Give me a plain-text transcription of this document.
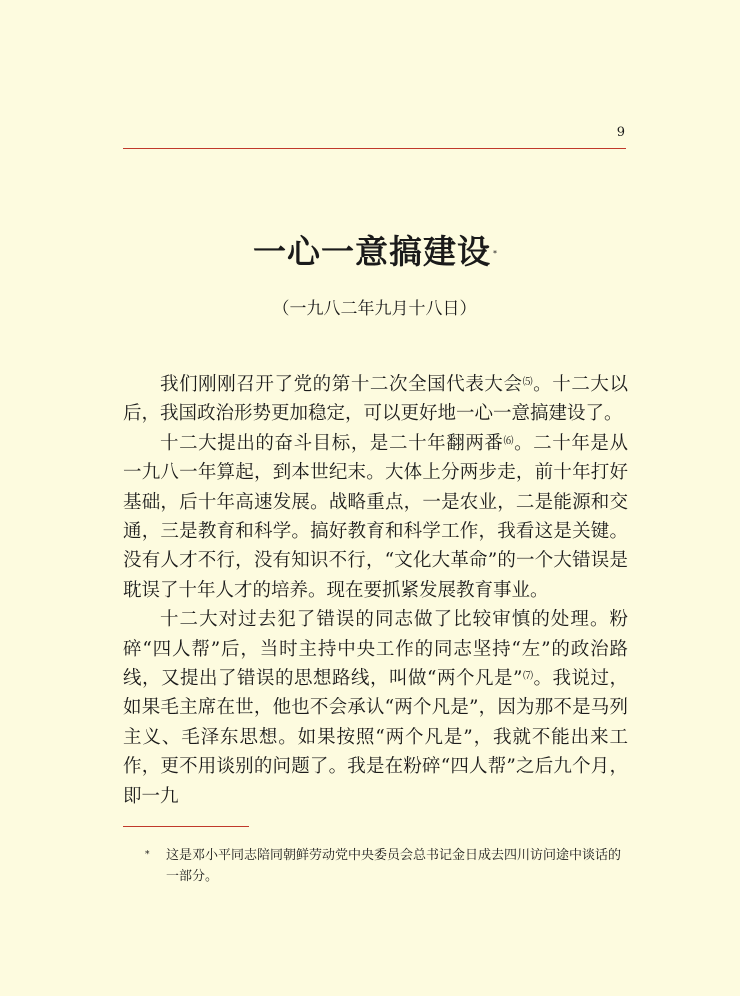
9
一心一意搞建设 *
（一九八二年九月十八日）

我们刚刚召开了党的第十二次全国代表大会⑸。十二大以后，我国政治形势更加稳定，可以更好地一心一意搞建设了。

十二大提出的奋斗目标，是二十年翻两番⑹。二十年是从一九八一年算起，到本世纪末。大体上分两步走，前十年打好基础，后十年高速发展。战略重点，一是农业，二是能源和交通，三是教育和科学。搞好教育和科学工作，我看这是关键。没有人才不行，没有知识不行，“文化大革命”的一个大错误是耽误了十年人才的培养。现在要抓紧发展教育事业。

十二大对过去犯了错误的同志做了比较审慎的处理。粉碎“四人帮”后，当时主持中央工作的同志坚持“左”的政治路线，又提出了错误的思想路线，叫做“两个凡是”⑺。我说过，如果毛主席在世，他也不会承认“两个凡是”，因为那不是马列主义、毛泽东思想。如果按照“两个凡是”，我就不能出来工作，更不用谈别的问题了。我是在粉碎“四人帮”之后九个月，即一九

* 这是邓小平同志陪同朝鲜劳动党中央委员会总书记金日成去四川访问途中谈话的一部分。
